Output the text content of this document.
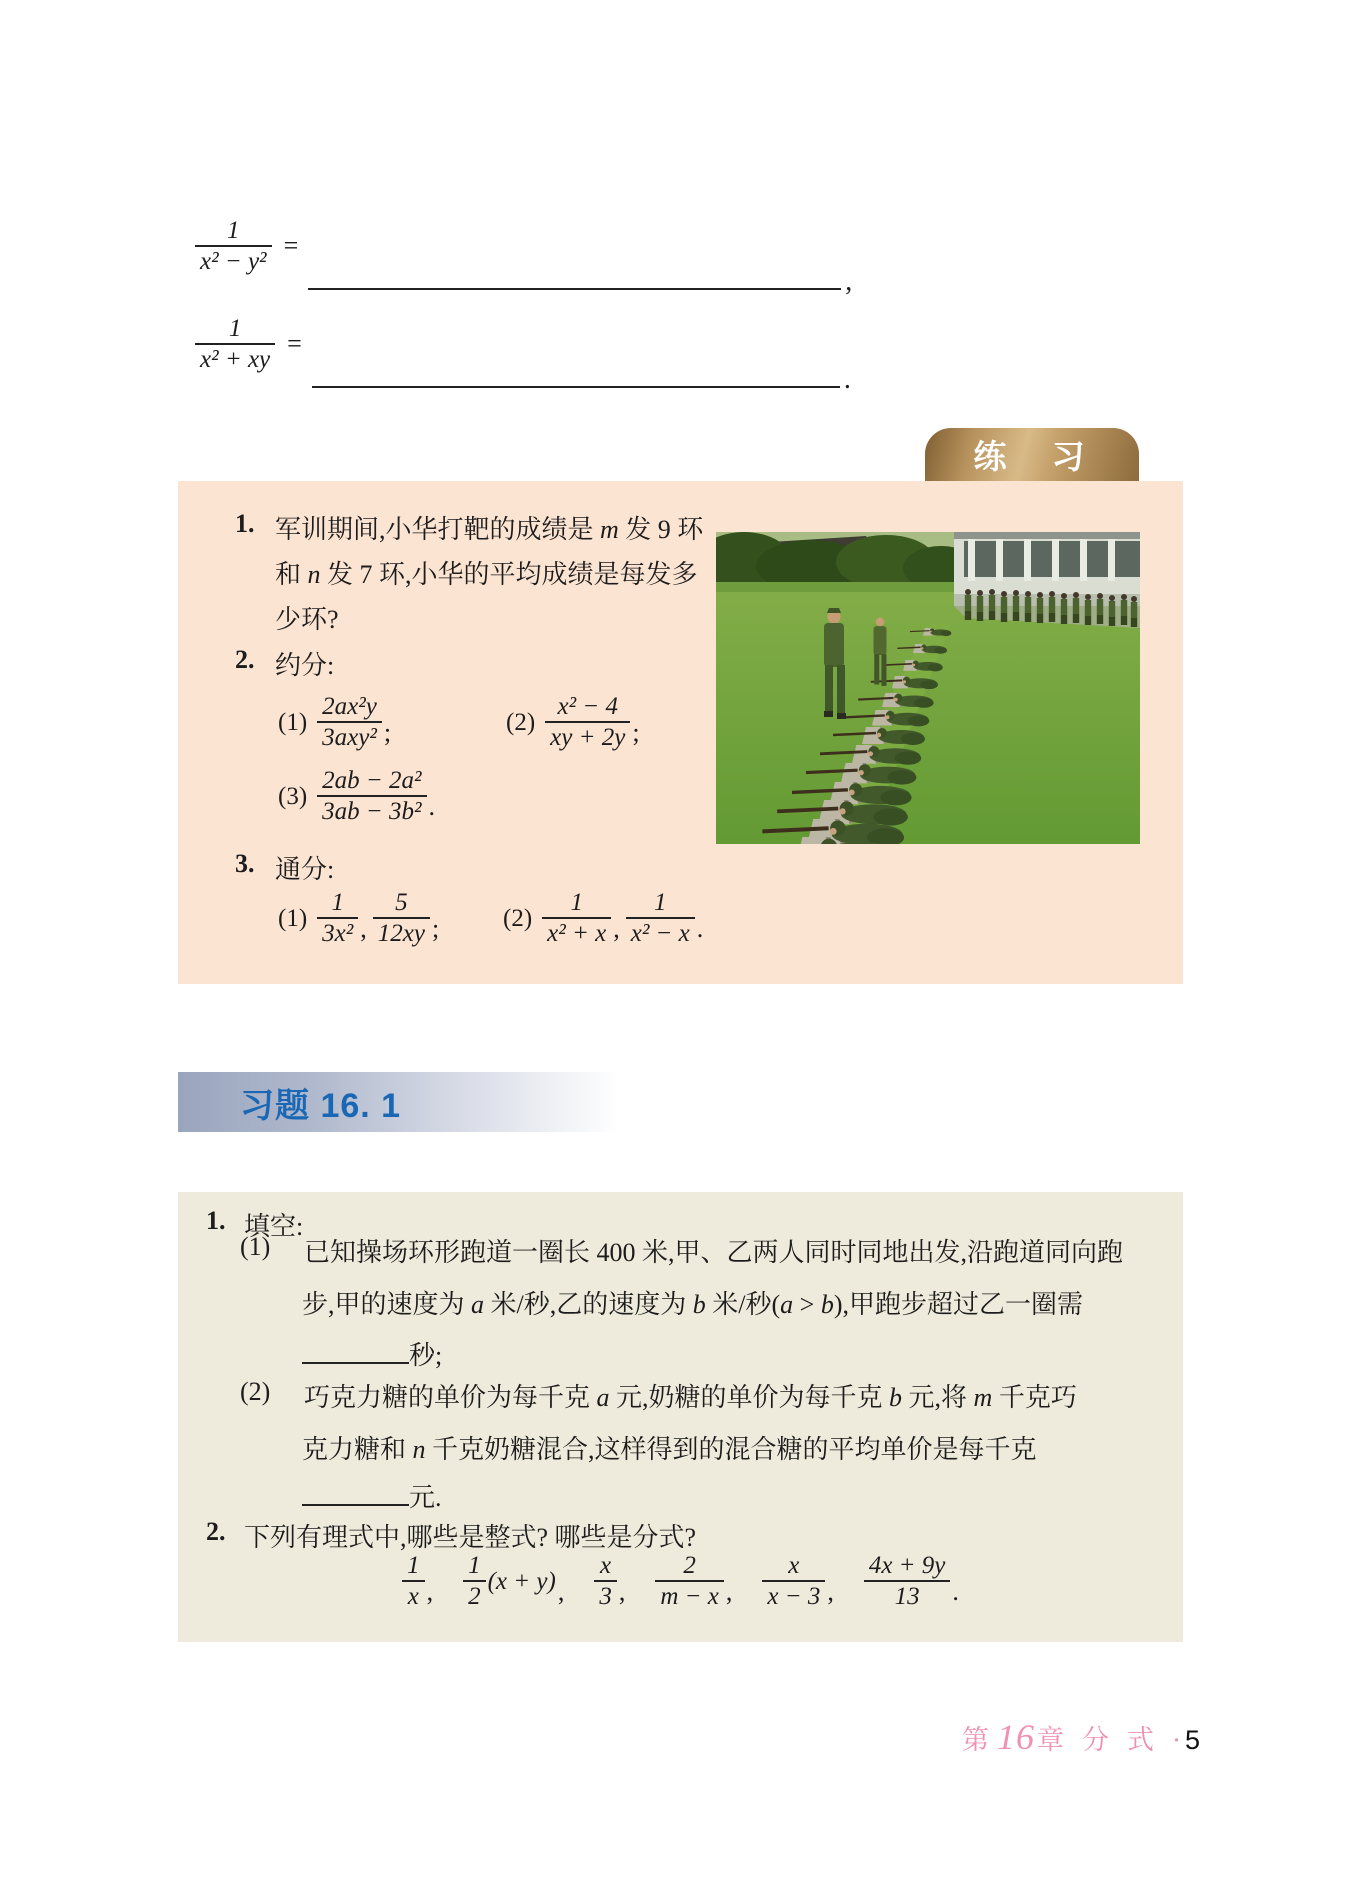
$\frac{1}{\text{x² − y²}}$ =
,
$\frac{1}{\text{x² + xy}}$ =
.
练　习
1. 军训期间,小华打靶的成绩是 m 发 9 环
和 n 发 7 环,小华的平均成绩是每发多
少环?
2. 约分:
$(1) \frac{\text{2ax²y}}{\text{3axy²}}$ ;	$(2) \frac{\text{x² − 4}}{xy + 2y}$ ;
$(3) \frac{\text{2ab − 2a²}}{\text{3ab − 3b²}}$ .
3. 通分:
$(1) \frac{1}{\text{3x²}}$ , $\frac{5}{12xy}$ ;	$(2) \frac{1}{\text{x² + x}}$ , $\frac{1}{\text{x² − x}}$ .
习题 16. 1
1. 填空:
(1) 已知操场环形跑道一圈长 400 米,甲、乙两人同时同地出发,沿跑道同向跑
步,甲的速度为 a 米/秒,乙的速度为 b 米/秒(a > b),甲跑步超过乙一圈需
秒;
(2) 巧克力糖的单价为每千克 a 元,奶糖的单价为每千克 b 元,将 m 千克巧
克力糖和 n 千克奶糖混合,这样得到的混合糖的平均单价是每千克
元.
2. 下列有理式中,哪些是整式? 哪些是分式?
$\frac{1}{x}$ , $\frac{1}{2} (x + y)$ , $\frac{x}{3}$ , $\frac{2}{m - x}$ , $\frac{x}{x - 3}$ , $\frac{4x + 9y}{13}$ .
第16章 分式· 5
